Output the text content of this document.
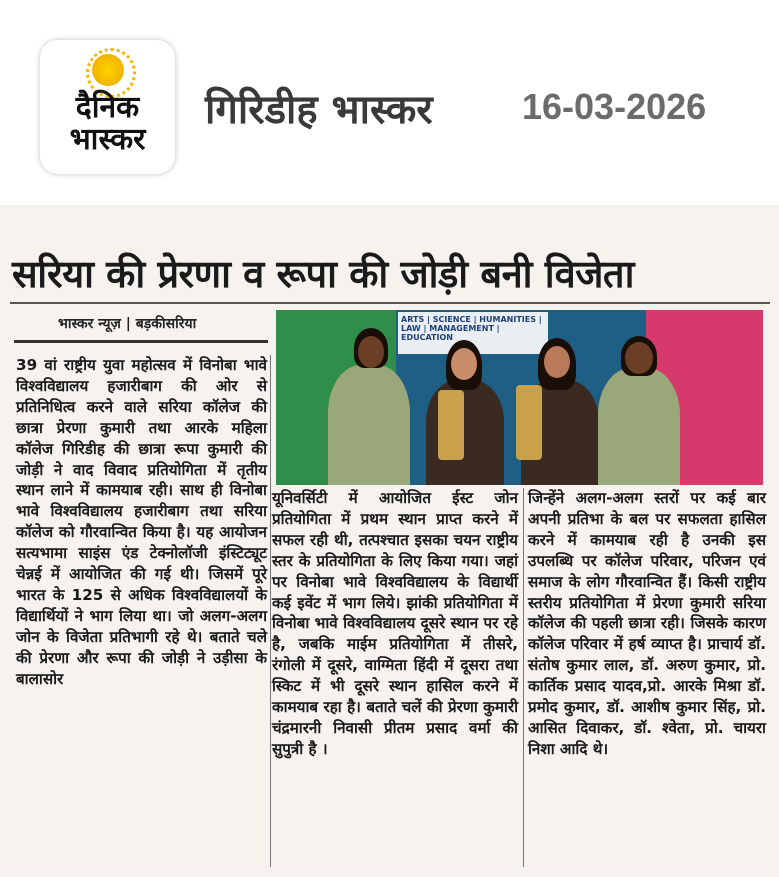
दैनिक
भास्कर
गिरिडीह भास्कर 16-03-2026
सरिया की प्रेरणा व रूपा की जोड़ी बनी विजेता
भास्कर न्यूज़ | बड़कीसरिया	ARTS | SCIENCE | HUMANITIES | LAW | MANAGEMENT | EDUCATION
39 वां राष्ट्रीय युवा महोत्सव में विनोबा भावे विश्वविद्यालय हजारीबाग की ओर से प्रतिनिधित्व करने वाले सरिया कॉलेज की छात्रा प्रेरणा कुमारी तथा आरके महिला कॉलेज गिरिडीह की छात्रा रूपा कुमारी की जोड़ी ने वाद विवाद प्रतियोगिता में तृतीय स्थान लाने में कामयाब रही। साथ ही विनोबा भावे विश्वविद्यालय हजारीबाग तथा सरिया कॉलेज को गौरवान्वित किया है। यह आयोजन सत्यभामा साइंस एंड टेक्नोलॉजी इंस्टिट्यूट चेन्नई में आयोजित की गई थी। जिसमें पूरे भारत के 125 से अधिक विश्वविद्यालयों के विद्यार्थियों ने भाग लिया था। जो अलग-अलग जोन के विजेता प्रतिभागी रहे थे। बताते चले की प्रेरणा और रूपा की जोड़ी ने उड़ीसा के बालासोर
यूनिवर्सिटी में आयोजित ईस्ट जोन प्रतियोगिता में प्रथम स्थान प्राप्त करने में सफल रही थी, तत्पश्चात इसका चयन राष्ट्रीय स्तर के प्रतियोगिता के लिए किया गया। जहां पर विनोबा भावे विश्वविद्यालय के विद्यार्थी कई इवेंट में भाग लिये। झांकी प्रतियोगिता में विनोबा भावे विश्वविद्यालय दूसरे स्थान पर रहे है, जबकि माईम प्रतियोगिता में तीसरे, रंगोली में दूसरे, वाग्मिता हिंदी में दूसरा तथा स्किट में भी दूसरे स्थान हासिल करने में कामयाब रहा है। बताते चलें की प्रेरणा कुमारी चंद्रमारनी निवासी प्रीतम प्रसाद वर्मा की सुपुत्री है ।
जिन्हेंने अलग-अलग स्तरों पर कई बार अपनी प्रतिभा के बल पर सफलता हासिल करने में कामयाब रही है उनकी इस उपलब्धि पर कॉलेज परिवार, परिजन एवं समाज के लोग गौरवान्वित हैं। किसी राष्ट्रीय स्तरीय प्रतियोगिता में प्रेरणा कुमारी सरिया कॉलेज की पहली छात्रा रही। जिसके कारण कॉलेज परिवार में हर्ष व्याप्त है। प्राचार्य डॉ. संतोष कुमार लाल, डॉ. अरुण कुमार, प्रो. कार्तिक प्रसाद यादव,प्रो. आरके मिश्रा डॉ. प्रमोद कुमार, डॉ. आशीष कुमार सिंह, प्रो. आसित दिवाकर, डॉ. श्वेता, प्रो. चायरा निशा आदि थे।
